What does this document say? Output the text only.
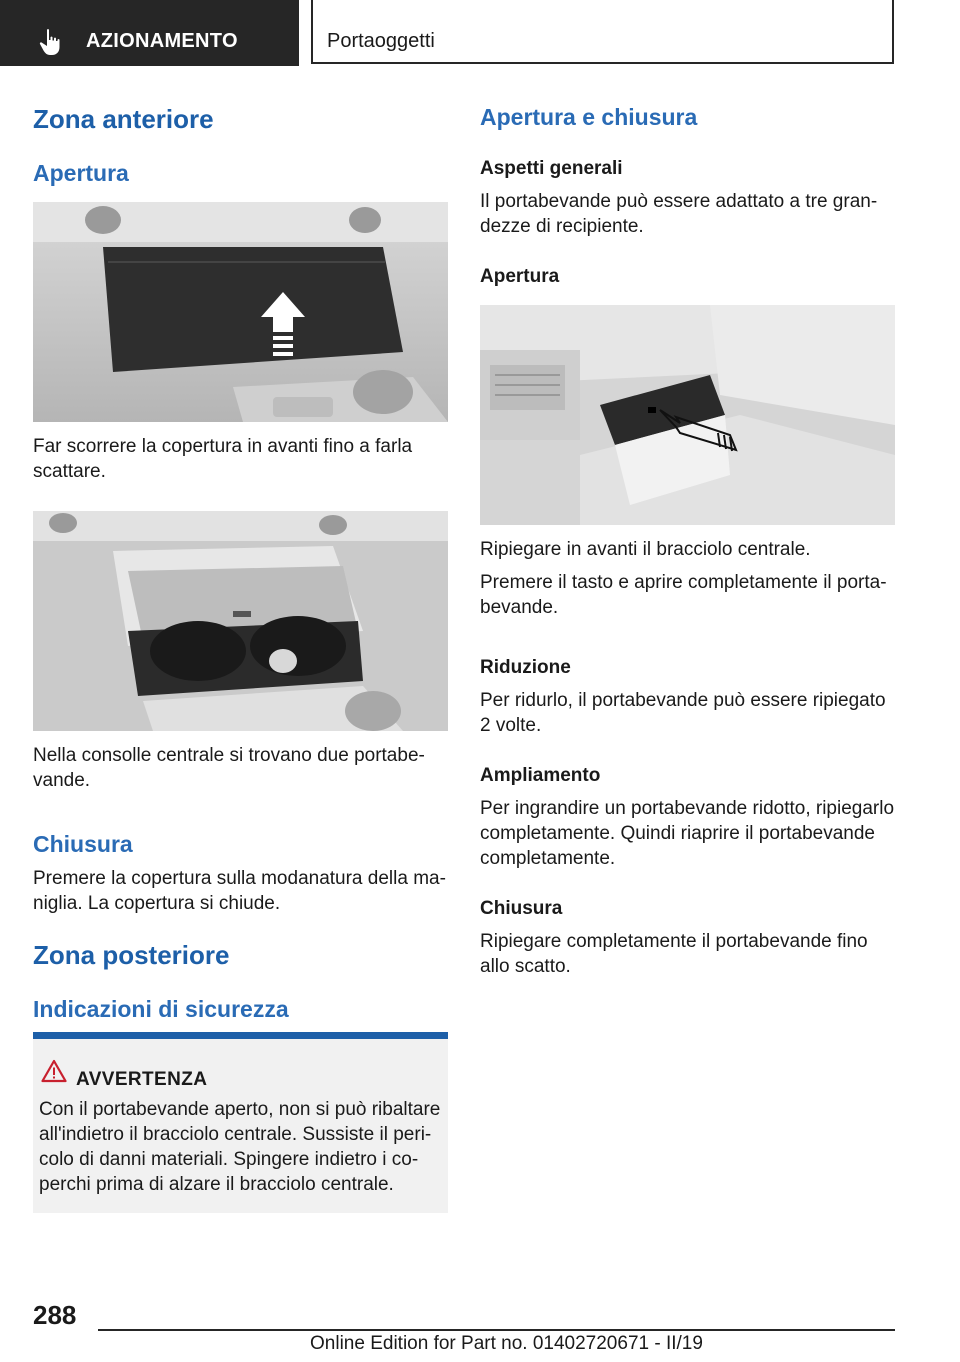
AZIONAMENTO	Portaoggetti
Zona anteriore
Apertura

Far scorrere la copertura in avanti fino a farla
scattare.

Nella consolle centrale si trovano due portabe-
vande.

Chiusura

Premere la copertura sulla modanatura della ma-
niglia. La copertura si chiude.

Zona posteriore
Indicazioni di sicurezza
AVVERTENZA
Con il portabevande aperto, non si può ribaltare
all'indietro il bracciolo centrale. Sussiste il peri-
colo di danni materiali. Spingere indietro i co-
perchi prima di alzare il bracciolo centrale.
Apertura e chiusura
Aspetti generali

Il portabevande può essere adattato a tre gran-
dezze di recipiente.

Apertura

Ripiegare in avanti il bracciolo centrale.

Premere il tasto e aprire completamente il porta-
bevande.

Riduzione

Per ridurlo, il portabevande può essere ripiegato
2 volte.

Ampliamento

Per ingrandire un portabevande ridotto, ripiegarlo
completamente. Quindi riaprire il portabevande
completamente.

Chiusura

Ripiegare completamente il portabevande fino
allo scatto.

288
Online Edition for Part no. 01402720671 - II/19
